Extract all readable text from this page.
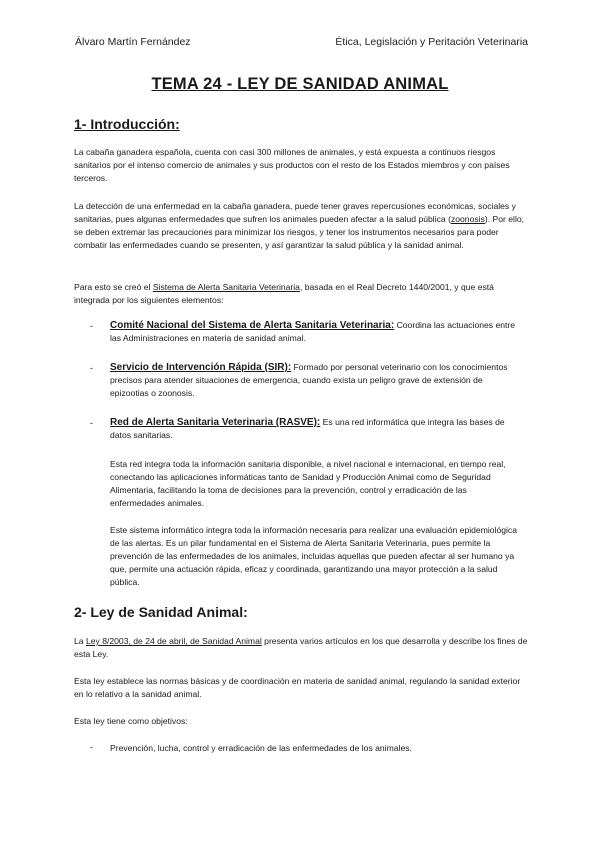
Álvaro Martín Fernández	Ética, Legislación y Peritación Veterinaria
TEMA 24 - LEY DE SANIDAD ANIMAL
1- Introducción:
La cabaña ganadera española, cuenta con casi 300 millones de animales, y está expuesta a continuos riesgos sanitarios por el intenso comercio de animales y sus productos con el resto de los Estados miembros y con países terceros.
La detección de una enfermedad en la cabaña ganadera, puede tener graves repercusiones económicas, sociales y sanitarias, pues algunas enfermedades que sufren los animales pueden afectar a la salud pública (zoonosis). Por ello, se deben extremar las precauciones para minimizar los riesgos, y tener los instrumentos necesarios para poder combatir las enfermedades cuando se presenten, y así garantizar la salud pública y la sanidad animal.
Para esto se creó el Sistema de Alerta Sanitaria Veterinaria, basada en el Real Decreto 1440/2001, y que está integrada por los siguientes elementos:
- Comité Nacional del Sistema de Alerta Sanitaria Veterinaria: Coordina las actuaciones entre las Administraciones en materia de sanidad animal.
- Servicio de Intervención Rápida (SIR): Formado por personal veterinario con los conocimientos precisos para atender situaciones de emergencia, cuando exista un peligro grave de extensión de epizootias o zoonosis.
- Red de Alerta Sanitaria Veterinaria (RASVE): Es una red informática que integra las bases de datos sanitarias.
Esta red integra toda la información sanitaria disponible, a nivel nacional e internacional, en tiempo real, conectando las aplicaciones informáticas tanto de Sanidad y Producción Animal como de Seguridad Alimentaria, facilitando la toma de decisiones para la prevención, control y erradicación de las enfermedades animales.
Este sistema informático integra toda la información necesaria para realizar una evaluación epidemiológica de las alertas. Es un pilar fundamental en el Sistema de Alerta Sanitaria Veterinaria, pues permite la prevención de las enfermedades de los animales, incluidas aquellas que pueden afectar al ser humano ya que, permite una actuación rápida, eficaz y coordinada, garantizando una mayor protección a la salud pública.
2- Ley de Sanidad Animal:
La Ley 8/2003, de 24 de abril, de Sanidad Animal presenta varios artículos en los que desarrolla y describe los fines de esta Ley.
Esta ley establece las normas básicas y de coordinación en materia de sanidad animal, regulando la sanidad exterior en lo relativo a la sanidad animal.
Esta ley tiene como objetivos:
- Prevención, lucha, control y erradicación de las enfermedades de los animales.
